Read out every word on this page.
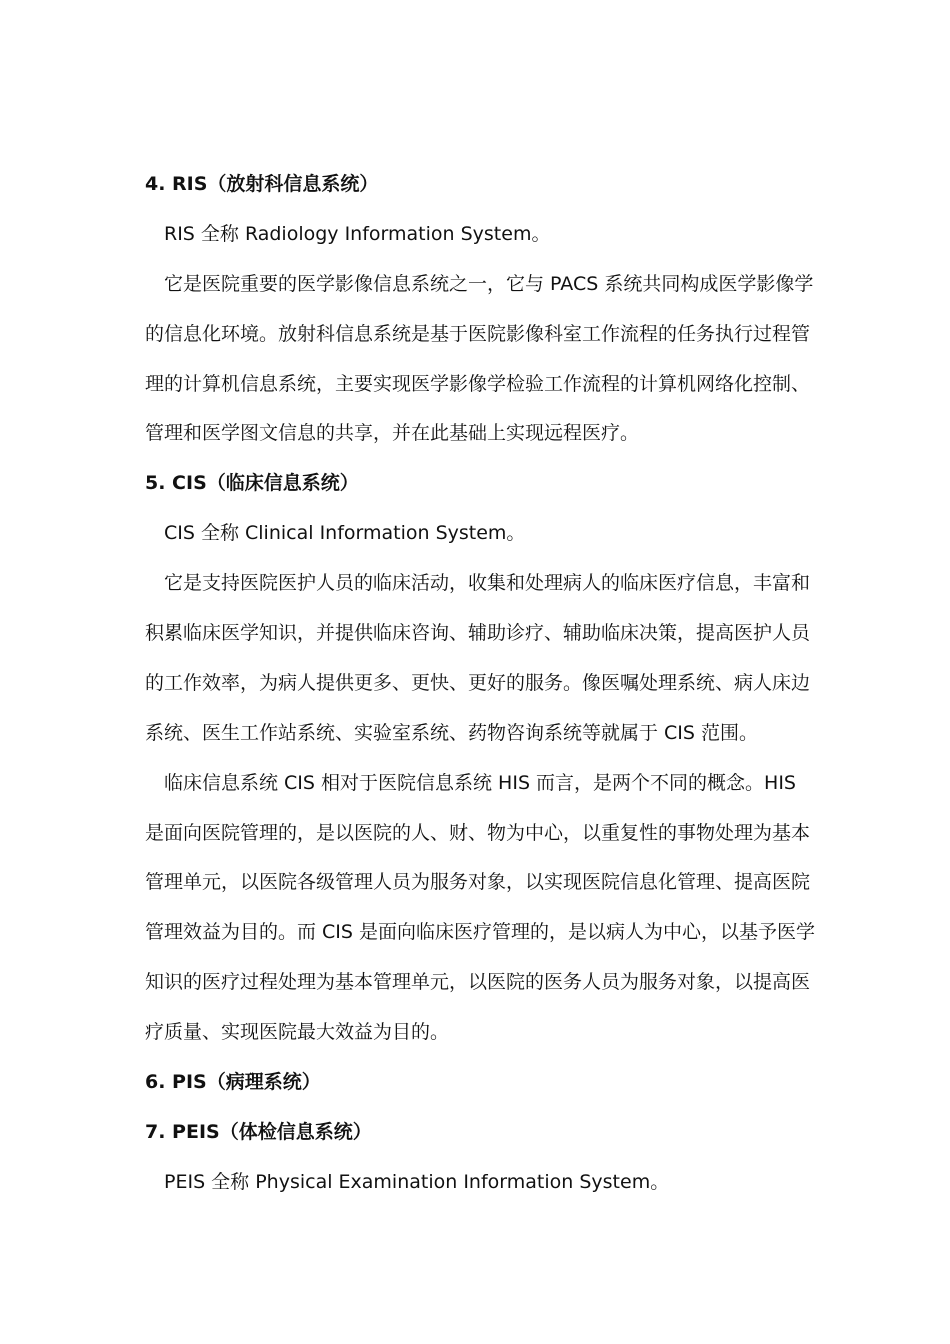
4. RIS（放射科信息系统）
RIS 全称 Radiology Information System。
它是医院重要的医学影像信息系统之一，它与 PACS 系统共同构成医学影像学
的信息化环境。放射科信息系统是基于医院影像科室工作流程的任务执行过程管
理的计算机信息系统，主要实现医学影像学检验工作流程的计算机网络化控制、
管理和医学图文信息的共享，并在此基础上实现远程医疗。
5. CIS（临床信息系统）
CIS 全称 Clinical Information System。
它是支持医院医护人员的临床活动，收集和处理病人的临床医疗信息，丰富和
积累临床医学知识，并提供临床咨询、辅助诊疗、辅助临床决策，提高医护人员
的工作效率，为病人提供更多、更快、更好的服务。像医嘱处理系统、病人床边
系统、医生工作站系统、实验室系统、药物咨询系统等就属于 CIS 范围。
临床信息系统 CIS 相对于医院信息系统 HIS 而言，是两个不同的概念。HIS
是面向医院管理的，是以医院的人、财、物为中心，以重复性的事物处理为基本
管理单元，以医院各级管理人员为服务对象，以实现医院信息化管理、提高医院
管理效益为目的。而 CIS 是面向临床医疗管理的，是以病人为中心，以基予医学
知识的医疗过程处理为基本管理单元，以医院的医务人员为服务对象，以提高医
疗质量、实现医院最大效益为目的。
6. PIS（病理系统）
7. PEIS（体检信息系统）
PEIS 全称 Physical Examination Information System。
